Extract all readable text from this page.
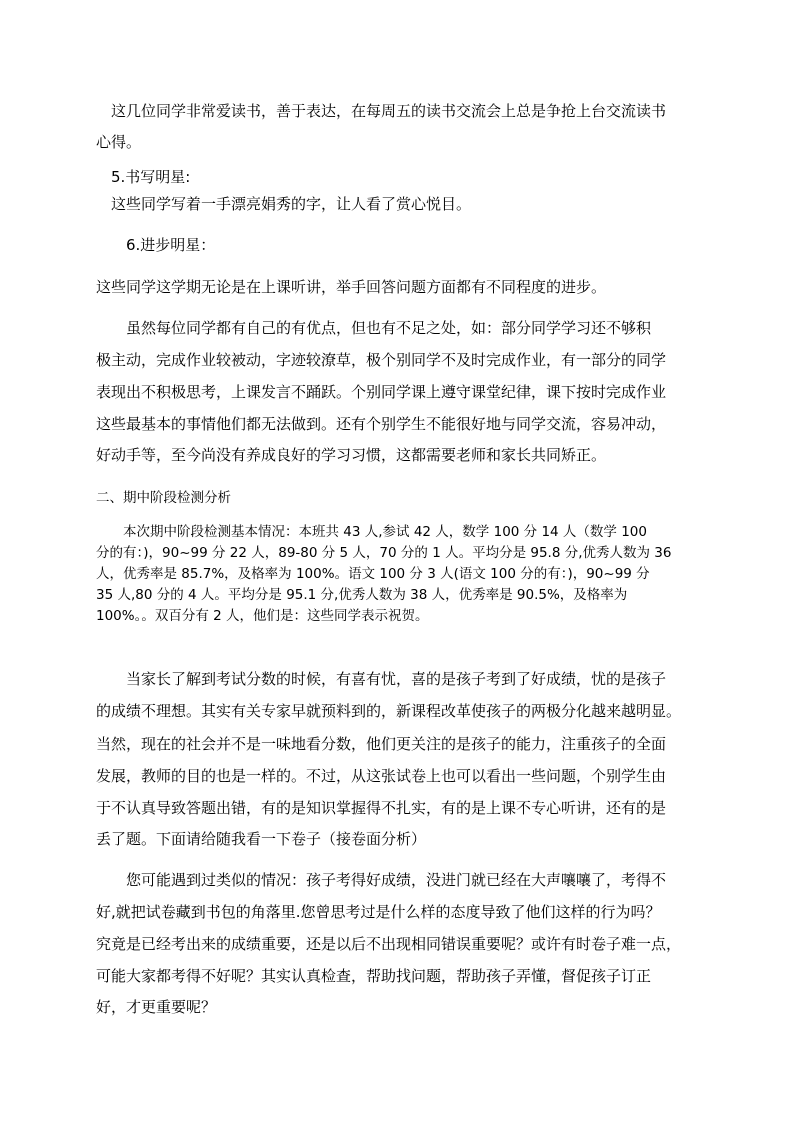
　这几位同学非常爱读书，善于表达，在每周五的读书交流会上总是争抢上台交流读书

心得。

　5.书写明星:

　这些同学写着一手漂亮娟秀的字，让人看了赏心悦目。

　　6.进步明星：

这些同学这学期无论是在上课听讲，举手回答问题方面都有不同程度的进步。

　　虽然每位同学都有自己的有优点，但也有不足之处，如：部分同学学习还不够积

极主动，完成作业较被动，字迹较潦草，极个别同学不及时完成作业，有一部分的同学

表现出不积极思考，上课发言不踊跃。个别同学课上遵守课堂纪律，课下按时完成作业

这些最基本的事情他们都无法做到。还有个别学生不能很好地与同学交流，容易冲动，

好动手等，至今尚没有养成良好的学习习惯，这都需要老师和家长共同矫正。

二、期中阶段检测分析

　　本次期中阶段检测基本情况：本班共 43 人,参试 42 人，数学 100 分 14 人（数学 100

分的有：)，90~99 分 22 人，89-80 分 5 人，70 分的 1 人。平均分是 95.8 分,优秀人数为 36

人，优秀率是 85.7%，及格率为 100%。语文 100 分 3 人(语文 100 分的有：)，90~99 分

35 人,80 分的 4 人。平均分是 95.1 分,优秀人数为 38 人，优秀率是 90.5%，及格率为

100%。。双百分有 2 人，他们是：这些同学表示祝贺。

　　当家长了解到考试分数的时候，有喜有忧，喜的是孩子考到了好成绩，忧的是孩子

的成绩不理想。其实有关专家早就预料到的，新课程改革使孩子的两极分化越来越明显。

当然，现在的社会并不是一味地看分数，他们更关注的是孩子的能力，注重孩子的全面

发展，教师的目的也是一样的。不过，从这张试卷上也可以看出一些问题，个别学生由

于不认真导致答题出错，有的是知识掌握得不扎实，有的是上课不专心听讲，还有的是

丢了题。下面请给随我看一下卷子（接卷面分析）

　　您可能遇到过类似的情况：孩子考得好成绩，没进门就已经在大声嚷嚷了，考得不

好,就把试卷藏到书包的角落里.您曾思考过是什么样的态度导致了他们这样的行为吗？

究竟是已经考出来的成绩重要，还是以后不出现相同错误重要呢？或许有时卷子难一点，

可能大家都考得不好呢？其实认真检查，帮助找问题，帮助孩子弄懂，督促孩子订正

好，才更重要呢？
